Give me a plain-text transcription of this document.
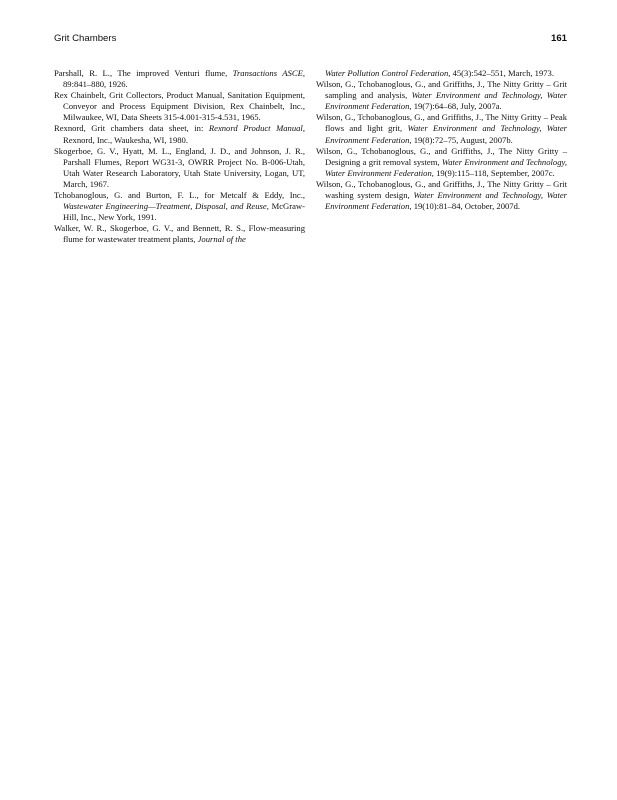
Grit Chambers	161

Parshall, R. L., The improved Venturi flume, Transactions ASCE, 89:841–880, 1926.

Rex Chainbelt, Grit Collectors, Product Manual, Sanitation Equipment, Conveyor and Process Equipment Division, Rex Chainbelt, Inc., Milwaukee, WI, Data Sheets 315-4.001-315-4.531, 1965.

Rexnord, Grit chambers data sheet, in: Rexnord Product Manual, Rexnord, Inc., Waukesha, WI, 1980.

Skogerboe, G. V., Hyatt, M. L., England, J. D., and Johnson, J. R., Parshall Flumes, Report WG31-3, OWRR Project No. B-006-Utah, Utah Water Research Laboratory, Utah State University, Logan, UT, March, 1967.

Tchobanoglous, G. and Burton, F. L., for Metcalf & Eddy, Inc., Wastewater Engineering—Treatment, Disposal, and Reuse, McGraw-Hill, Inc., New York, 1991.

Walker, W. R., Skogerboe, G. V., and Bennett, R. S., Flow-measuring flume for wastewater treatment plants, Journal of the

Water Pollution Control Federation, 45(3):542–551, March, 1973.

Wilson, G., Tchobanoglous, G., and Griffiths, J., The Nitty Gritty – Grit sampling and analysis, Water Environment and Technology, Water Environment Federation, 19(7):64–68, July, 2007a.

Wilson, G., Tchobanoglous, G., and Griffiths, J., The Nitty Gritty – Peak flows and light grit, Water Environment and Technology, Water Environment Federation, 19(8):72–75, August, 2007b.

Wilson, G., Tchobanoglous, G., and Griffiths, J., The Nitty Gritty – Designing a grit removal system, Water Environment and Technology, Water Environment Federation, 19(9):115–118, September, 2007c.

Wilson, G., Tchobanoglous, G., and Griffiths, J., The Nitty Gritty – Grit washing system design, Water Environment and Technology, Water Environment Federation, 19(10):81–84, October, 2007d.
